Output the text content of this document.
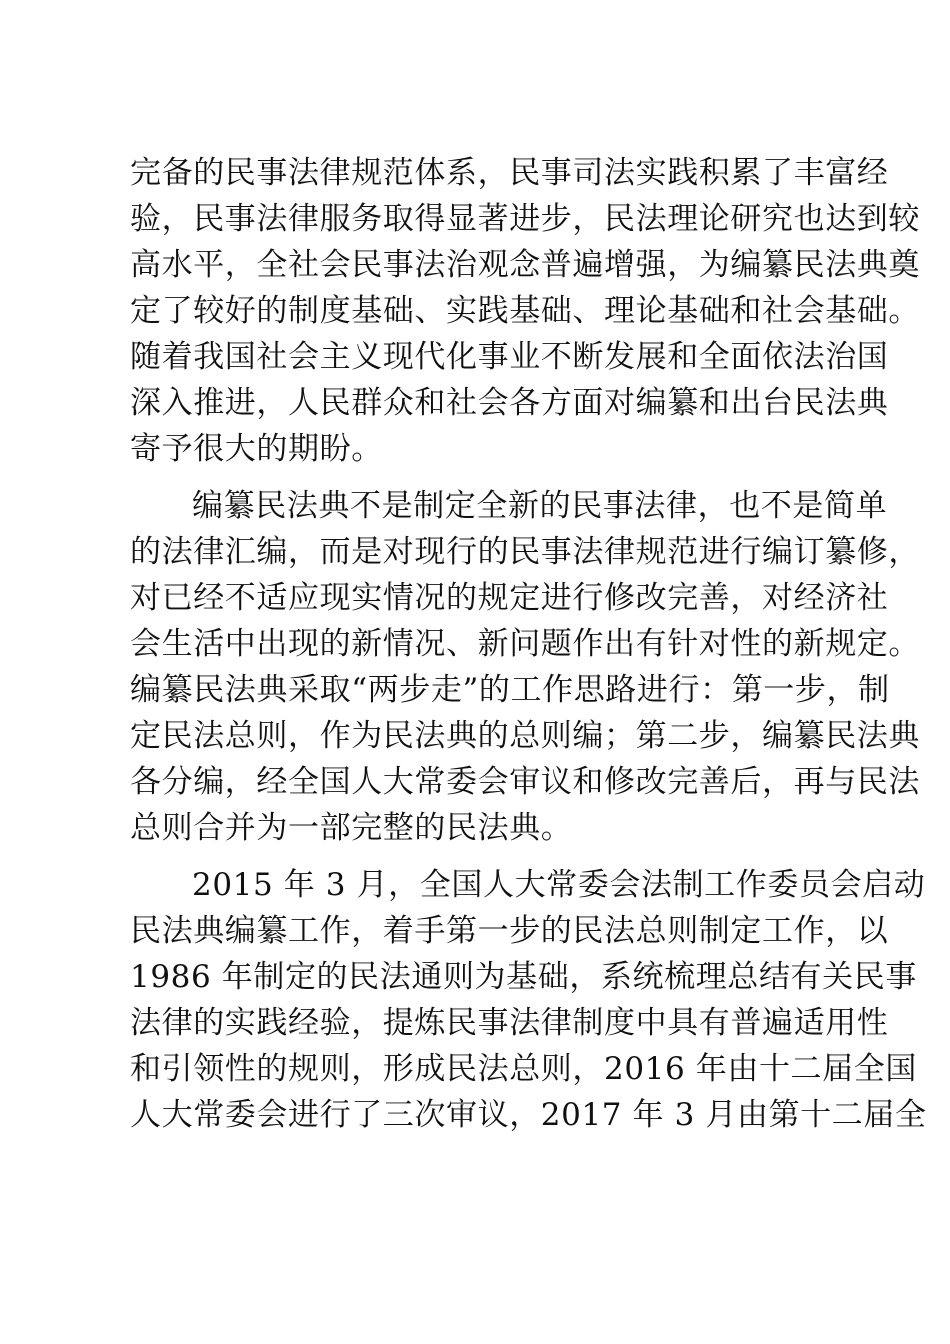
完备的民事法律规范体系，民事司法实践积累了丰富经
验，民事法律服务取得显著进步，民法理论研究也达到较
高水平，全社会民事法治观念普遍增强，为编纂民法典奠
定了较好的制度基础、实践基础、理论基础和社会基础。
随着我国社会主义现代化事业不断发展和全面依法治国
深入推进，人民群众和社会各方面对编纂和出台民法典
寄予很大的期盼。
编纂民法典不是制定全新的民事法律，也不是简单
的法律汇编，而是对现行的民事法律规范进行编订纂修，
对已经不适应现实情况的规定进行修改完善，对经济社
会生活中出现的新情况、新问题作出有针对性的新规定。
编纂民法典采取“两步走”的工作思路进行：第一步，制
定民法总则，作为民法典的总则编；第二步，编纂民法典
各分编，经全国人大常委会审议和修改完善后，再与民法
总则合并为一部完整的民法典。
2015 年 3 月，全国人大常委会法制工作委员会启动
民法典编纂工作，着手第一步的民法总则制定工作，以
1986 年制定的民法通则为基础，系统梳理总结有关民事
法律的实践经验，提炼民事法律制度中具有普遍适用性
和引领性的规则，形成民法总则，2016 年由十二届全国
人大常委会进行了三次审议，2017 年 3 月由第十二届全
